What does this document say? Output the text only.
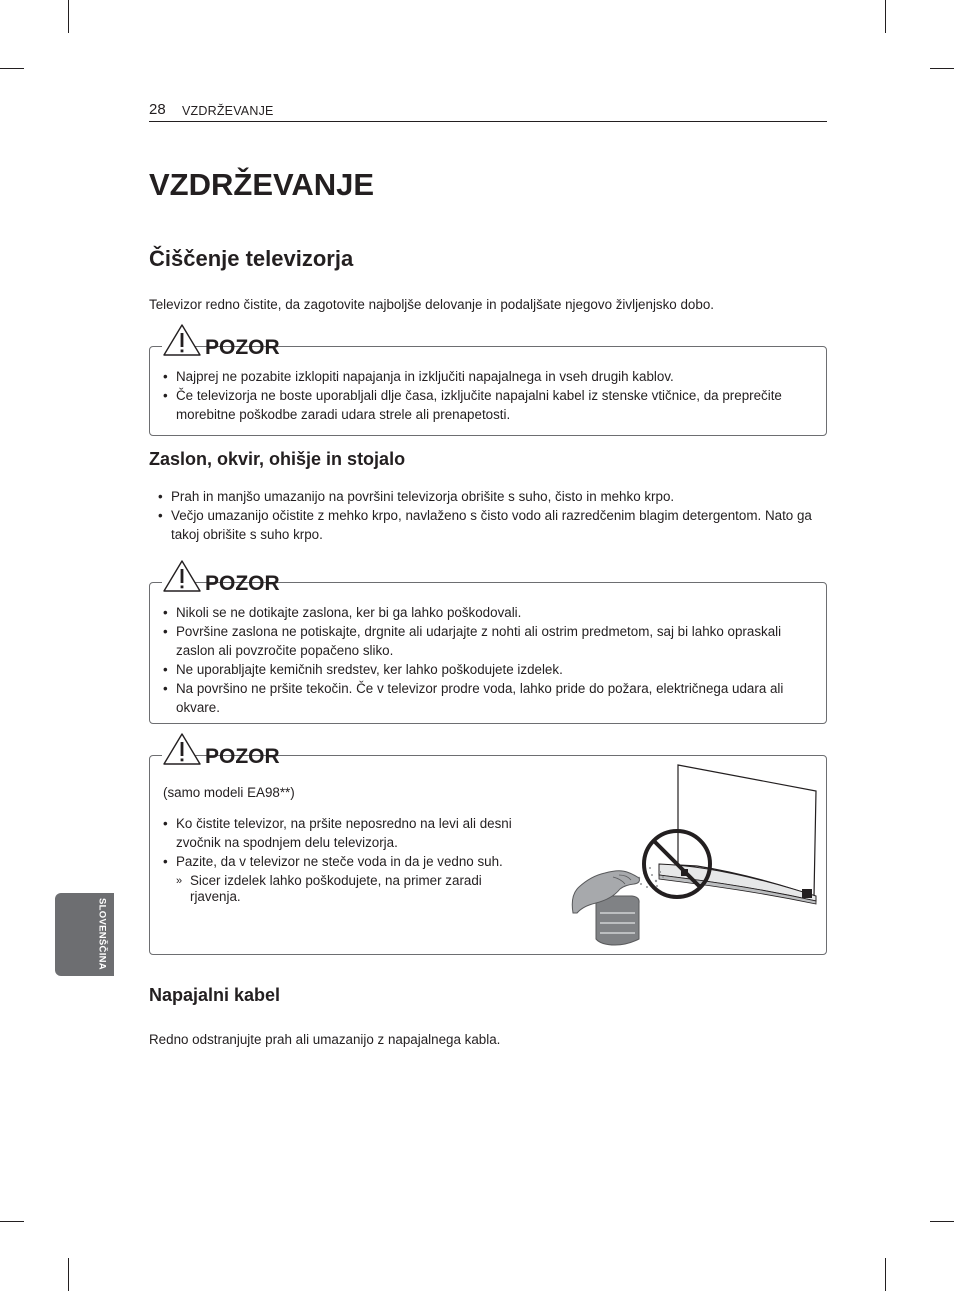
28 VZDRŽEVANJE
VZDRŽEVANJE
Čiščenje televizorja

Televizor redno čistite, da zagotovite najboljše delovanje in podaljšate njegovo življenjsko dobo.

POZOR
• Najprej ne pozabite izklopiti napajanja in izključiti napajalnega in vseh drugih kablov.
• Če televizorja ne boste uporabljali dlje časa, izključite napajalni kabel iz stenske vtičnice, da preprečite morebitne poškodbe zaradi udara strele ali prenapetosti.
Zaslon, okvir, ohišje in stojalo
• Prah in manjšo umazanijo na površini televizorja obrišite s suho, čisto in mehko krpo.
• Večjo umazanijo očistite z mehko krpo, navlaženo s čisto vodo ali razredčenim blagim detergentom. Nato ga takoj obrišite s suho krpo.
POZOR
• Nikoli se ne dotikajte zaslona, ker bi ga lahko poškodovali.
• Površine zaslona ne potiskajte, drgnite ali udarjajte z nohti ali ostrim predmetom, saj bi lahko opraskali zaslon ali povzročite popačeno sliko.
• Ne uporabljajte kemičnih sredstev, ker lahko poškodujete izdelek.
• Na površino ne pršite tekočin. Če v televizor prodre voda, lahko pride do požara, električnega udara ali okvare.
POZOR

(samo modeli EA98**)

• Ko čistite televizor, na pršite neposredno na levi ali desni zvočnik na spodnjem delu televizorja.
• Pazite, da v televizor ne steče voda in da je vedno suh.
» Sicer izdelek lahko poškodujete, na primer zaradi rjavenja.
Napajalni kabel

Redno odstranjujte prah ali umazanijo z napajalnega kabla.

SLOVENŠČINA
